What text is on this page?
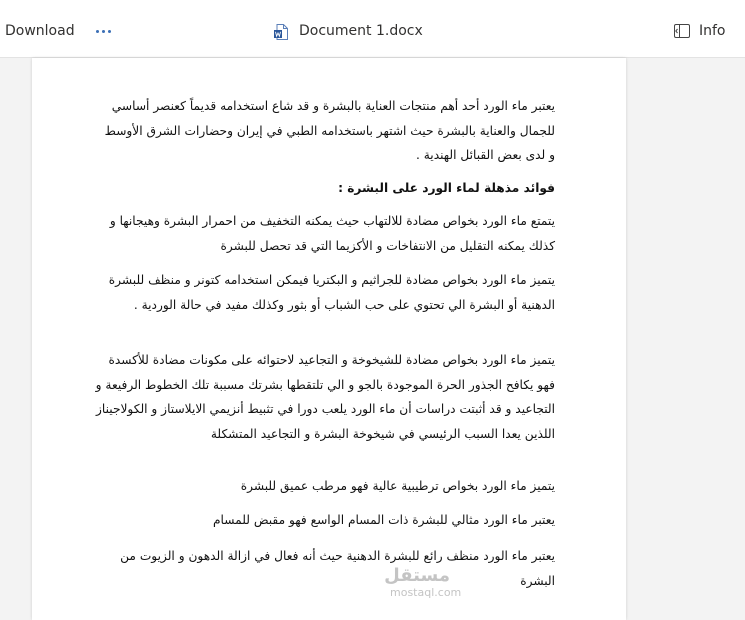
Download	Document 1.docx	Info

يعتبر ماء الورد أحد أهم منتجات العناية بالبشرة و قد شاع استخدامه قديماً كعنصر أساسي للجمال والعناية بالبشرة حيث اشتهر باستخدامه الطبي في إيران وحضارات الشرق الأوسط و لدى بعض القبائل الهندية .

فوائد مذهلة لماء الورد على البشرة :

يتمتع ماء الورد بخواص مضادة للالتهاب حيث يمكنه التخفيف من احمرار البشرة وهيجانها و كذلك يمكنه التقليل من الانتفاخات و الأكزيما التي قد تحصل للبشرة

يتميز ماء الورد بخواص مضادة للجراثيم و البكتريا فيمكن استخدامه كتونر و منظف للبشرة الدهنية أو البشرة الي تحتوي على حب الشباب أو بثور وكذلك مفيد في حالة الوردية .

يتميز ماء الورد بخواص مضادة للشيخوخة و التجاعيد لاحتوائه على مكونات مضادة للأكسدة فهو يكافح الجذور الحرة الموجودة بالجو و الي تلتقطها بشرتك مسببة تلك الخطوط الرفيعة و التجاعيد و قد أثبتت دراسات أن ماء الورد يلعب دورا في تثبيط أنزيمي الايلاستاز و الكولاجيناز اللذين يعدا السبب الرئيسي في شيخوخة البشرة و التجاعيد المتشكلة

يتميز ماء الورد بخواص ترطيبية عالية فهو مرطب عميق للبشرة

يعتبر ماء الورد مثالي للبشرة ذات المسام الواسع فهو مقبض للمسام

يعتبر ماء الورد منظف رائع للبشرة الدهنية حيث أنه فعال في ازالة الدهون و الزيوت من البشرة

مستقل
mostaql.com
